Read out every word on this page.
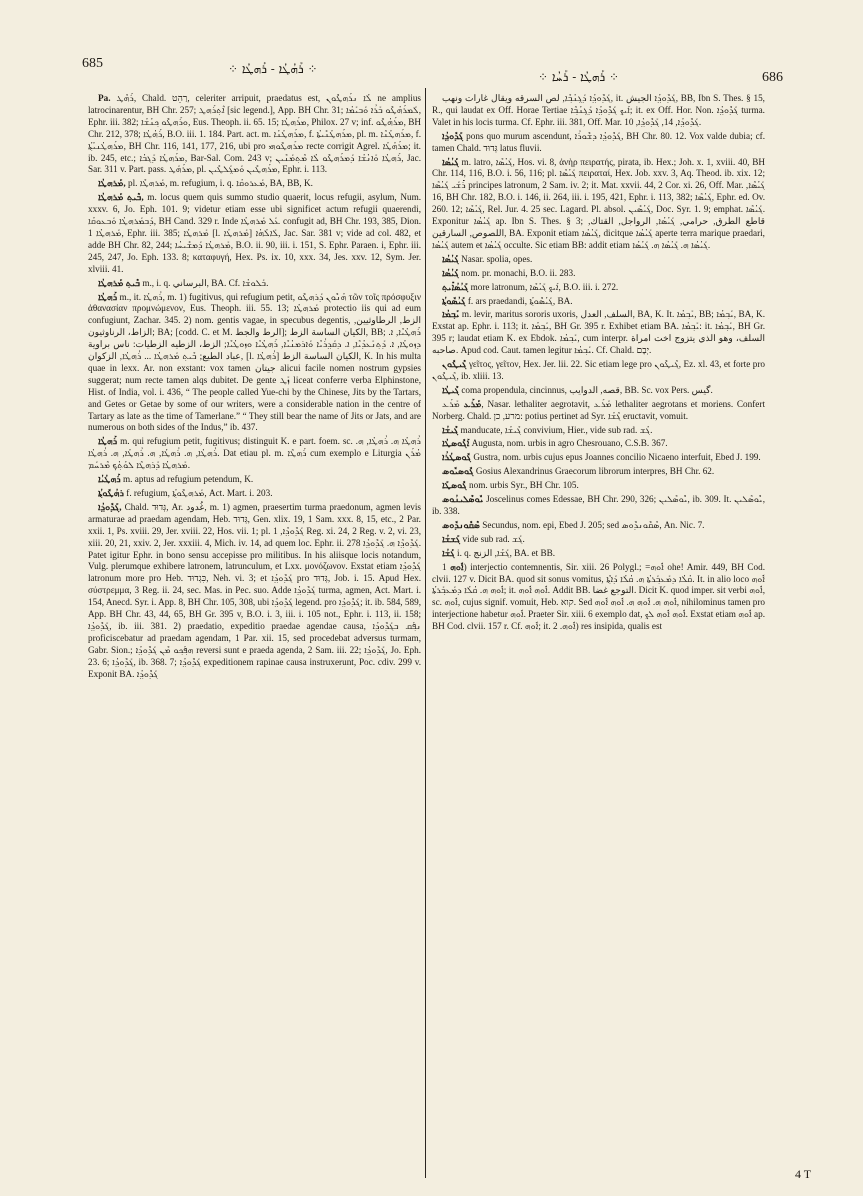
685	⁘ ܪܰܗܳܛܳܐ - ܪܰܗܛܳܐ ⁘
⁘ ܪܰܗܛܳܐ - ܪܰܚܳܐ ⁘	686

Pa. ܪܰܗܶܛ, Chald. רַהֵט, celeriter arripuit, praedatus est, ܠܳܐ ܢܪܰܗܛܽܘܢ ne amplius latrocinarentur, BH Chr. 257; ܐܶܬ݂ܪܰܗܛ [sic legend.], App. BH Chr. 31; ܠܰܡܪܰܗܳܛܽܘ ܒܰܪܳܐ ܘܰܒܝܰܡܳܐ, Ephr. iii. 382; ܘܪܰܗܛܽܘ ܟ݂ܢܳܫܳܐ, Eus. Theoph. ii. 65. 15; ܡܪܰܗܛܳܐ, Philox. 27 v; inf. ܡܪܰܗܳܛܽܘ, BH Chr. 212, 378; ܪܰܗܳܛܳܐ, B.O. iii. 1. 184. Part. act. m. ܡܪܰܗܛܳܢܳܐ, f. ܡܪܰܗܛܳܢܺܝܬܳܐ, pl. m. ܡܪܰܗܛܳܢܶܐ, f. ܡܪܰܗܛܳܢܝܳܬ݂ܳܐ, BH Chr. 116, 141, 177, 216, ubi pro ܡܪܰܗܛܽܘܗܝ recte corrigit Agrel. ܡܪܰܗܳܛܳܐ; it. ib. 245, etc.; ܡܪܰܗܛܳܐ ܕܰܓܒܳܐ, Bar-Sal. Com. 243 v; ܪܰܗܛܳܐ ܘܰܐܢܳܫܳܐ ܕܰܡܪܰܗܛܽܘ ܠܳܐ ܡܶܬ݂ܡܰܢܶܝܢ, Jac. Sar. 311 v. Part. pass. ܡܪܰܗܰܛ, pl. ܡܪܰܗܛܺܝܢ ܘܰܡܓ݂ܰܠܛܺܝܢ, Ephr. i. 113.

ܡܰܪܗܛܳܐ, pl. ܡܰܪܗܛܶܐ, m. refugium, i. q. ܡܰܥܪܘܩܳܐ, BA, BB, K.

ܒܶܝܬ݂ ܡܰܪܗܛܳܐ, m. locus quem quis summo studio quaerit, locus refugii, asylum, Num. xxxv. 6, Jo. Eph. 101. 9; videtur etiam esse ubi significet actum refugii quaerendi, ܕܰܒܡܰܪܗܛܳܐ ܘܰܒܥܘܩܳܐ, BH Cand. 329 r. Inde ܥܰܠ ܡܰܪܗܛܳܐ confugit ad, BH Chr. 193, 385, Dion. ܡܰܪܗܛܳܐ 1, Ephr. iii. 385; ܡܰܪܗܛܳܐ [l. ܡܰܪܗܛܳܐ] ܠܰܐܠܳܗܳܐ, Jac. Sar. 381 v; vide ad col. 482, et adde BH Chr. 82, 244; ܡܰܪܗܛܳܐ ܕܰܡܫܺܝܚܳܐ, B.O. ii. 90, iii. i. 151, S. Ephr. Paraen. i, Ephr. iii. 245, 247, Jo. Eph. 133. 8; καταφυγή, Hex. Ps. ix. 10, xxx. 34, Jes. xxv. 12, Sym. Jer. xlviii. 41.

ܒܶܝܬ݂ ܡܰܪܗܛܳܐ m., i. q. البرساني, BA. Cf. ܒܰܠܘܫܳܐ.

ܪܰܗܛܳܐ m., it. ܪܳܗܛܳܐ, m. 1) fugitivus, qui refugium petit, ܗܳܢܽܘܢ ܕܰܪܗܛܽܘ τῶν τοῖς πρόσφυξιν ἀθανασίαν προμνώμενον, Eus. Theoph. iii. 55. 13; ܡܰܪܗܛܳܐ protectio iis qui ad eum confugiunt, Zachar. 345. 2) nom. gentis vagae, in specubus degentis, الزط, الرطاوثيين, الزاط، الرناوثيون; BA; [codd. C. et M. الرط والجط]; الكيان الساسة الزط, BB; ܪܰܗܛܳܝܶܐ, ܐ. ܕܙܘܛܳܐ, ܐ. ܕܰܬ݂ܢܰܥܕܳܝܶܐ, ܐ. ܕܩܰܕ݂ܪܳܝܶܐ ܘܰܐܪܡܢܳܝܶܐ, ܪܰܗܛܳܝܶܐ ܘܙܘܛܳܝܶܐ; الزط، الزطيه الزطيات: ناس براوية عباد الطيع; ܒܶܝܬ݂ ܡܰܪܗܛܳܐ ... ܪܳܗܛܳܐ, الزكوان, [l. ܪܳܗܛܳܐ] الكيان الساسة الزط, K. In his multa quae in lexx. Ar. non exstant: vox tamen جيتان alicui facile nomen nostrum gypsies suggerat; num recte tamen alqs dubitet. De gente ܙܰܛ liceat conferre verba Elphinstone, Hist. of India, vol. i. 436, “ The people called Yue-chi by the Chinese, Jits by the Tartars, and Getes or Getae by some of our writers, were a considerable nation in the centre of Tartary as late as the time of Tamerlane.” “ They still bear the name of Jits or Jats, and are numerous on both sides of the Indus,” ib. 437.

ܪܰܗܛܳܐ m. qui refugium petit, fugitivus; distinguit K. e part. foem. sc. ܪܳܗܛܳܐ ܗ. ܪܳܗܛܳܐ, ܗ. ܪܳܗܛܳܐ, ܗ. ܪܳܗܛܳܐ, ܗ. ܪܳܗܛܳܐ, ܗ. ܪܳܗܛܳܐ. Dat etiau pl. m. ܪܰܗܛܶܐ cum exemplo e Liturgia ܡܳܪܰܢ ܡܰܪܗܛܳܐ ܕܰܪܗܛܶܐ ܠܘܳܬ݂ܳܟ݂ ܡܶܪܚܰܡ.

ܪܰܗܛܳܝܳܐ m. aptus ad refugium petendum, K.

ܪܗܳܛܽܘܬ݂ܳܐ f. refugium, ܡܰܪܗܛܽܘܬ݂ܳܐ, Act. Mart. i. 203.

ܓܰܕܽܘܕ݂ܳܐ, Chald. גְּדוּד, Ar. غُدود, m. 1) agmen, praesertim turma praedonum, agmen levis armaturae ad praedam agendam, Heb. גְּדוּד, Gen. xlix. 19, 1 Sam. xxx. 8, 15, etc., 2 Par. xxii. 1, Ps. xviii. 29, Jer. xviii. 22, Hos. vii. 1; pl. ܓܰܕܽܘܕ݂ܶܐ, 1 Reg. xi. 24, 2 Reg. v. 2, vi. 23, xiii. 20, 21, xxiv. 2, Jer. xxxiii. 4, Mich. iv. 14, ad quem loc. Ephr. ii. 278 ܓܰܕܽܘܕ݂ܶܐ ܗ. ܓܰܕܽܘܕ݂ܳܐ. Patet igitur Ephr. in bono sensu accepisse pro militibus. In his aliisque locis notandum, Vulg. plerumque exhibere latronem, latrunculum, et Lxx. μονόζωνον. Exstat etiam ܓܰܕܽܘܕ݂ܳܐ latronum more pro Heb. כִּגְדוּד, Neh. vi. 3; et ܓܰܕܽܘܕ݂ܳܐ pro גְּדוּד, Job. i. 15. Apud Hex. σύστρεμμα, 3 Reg. ii. 24, sec. Mas. in Pec. suo. Adde ܓܰܕܽܘܕ݂ܳܐ turma, agmen, Act. Mart. i. 154, Anecd. Syr. i. App. 8, BH Chr. 105, 308, ubi ܓܰܕܽܘܕ݂ܳܐ legend. pro ܓܰܕܽܘܕ݂ܳܐ; it. ib. 584, 589, App. BH Chr. 43, 44, 65, BH Gr. 395 v, B.O. i. 3, iii. i. 105 not., Ephr. i. 113, ii. 158; ܓܰܕܽܘܕ݂ܳܐ, ib. iii. 381. 2) praedatio, expeditio praedae agendae causa, ܢܦ݂ܰܩ ܒܓܰܕܽܘܕ݂ܳܐ proficiscebatur ad praedam agendam, 1 Par. xii. 15, sed procedebat adversus turmam, Gabr. Sion.; ܗܦ݂ܰܟ݂ܘ ܡܶܢ ܓܰܕܽܘܕ݂ܳܐ reversi sunt e praeda agenda, 2 Sam. iii. 22; ܓܰܕܽܘܕ݂ܳܐ, Jo. Eph. 23. 6; ܓܰܕܽܘܕ݂ܳܐ, ib. 368. 7; ܓܰܕܽܘܕ݂ܳܐ expeditionem rapinae causa instruxerunt, Poc. cdiv. 299 v. Exponit BA. ܓܰܕܽܘܕ݂ܳܐ

ܓܰܕܽܘܕ݂ܳܐ ܕܰܓ݂ܢܳܒ݂ܶܐ, لص السرقه ويقال غارات ونهب, it. ܓܰܕܽܘܕ݂ܳܐ الجيش, BB, Ibn S. Thes. § 15, R., qui laudat ex Off. Horae Tertiae ܐܰܝܟ݂ ܓܰܕܽܘܕ݂ܳܐ ܕܰܓ݂ܢܳܒ݂ܶܐ; it. ex Off. Hor. Non. ܓܰܕܽܘܕ݂ܳܐ turma. Valet in his locis turma. Cf. Ephr. iii. 381, Off. Mar. ܓܰܕܽܘܕ݂ܳܐ, 14, ܓܰܕܽܘܕ݂ܳܐ, 10.

ܓܰܕܽܘܕ݂ܳܐ pons quo murum ascendunt, ܓܰܕܽܘܕ݂ܳܐ ܕܫܽܘܪܳܐ, BH Chr. 80. 12. Vox valde dubia; cf. tamen Chald. גְּדוּד latus fluvii.

ܓܰܝܳܣܳܐ m. latro, ܓܰܝܳܣܶܐ, Hos. vi. 8, ἀνὴρ πειρατής, pirata, ib. Hex.; Joh. x. 1, xviii. 40, BH Chr. 114, 116, B.O. i. 56, 116; pl. ܓܰܝܳܣܶܐ πειραταί, Hex. Job. xxv. 3, Aq. Theod. ib. xix. 12; ܪܺܫܰܝ ܓܰܝܳܣܶܐ principes latronum, 2 Sam. iv. 2; it. Mat. xxvii. 44, 2 Cor. xi. 26, Off. Mar. ܓܰܝܳܣܶܐ, 16, BH Chr. 182, B.O. i. 146, ii. 264, iii. i. 195, 421, Ephr. i. 113, 382; ܓܰܝܳܣܶܐ, Ephr. ed. Ov. 260. 12; ܓܰܝܳܣܶܐ, Rel. Jur. 4. 25 sec. Lagard. Pl. absol. ܓܰܝܳܣܺܝܢ, Doc. Syr. 1. 9; emphat. ܓܰܝܳܣܶܐ. Exponitur ܓܰܝܳܣܳܐ ap. Ibn S. Thes. § 3; قاطع الطرق, حرامي, ܓܰܝܳܣܳܐ, الرواجل, القتاك, اللصوص, السارقين, BA. Exponit etiam ܓܰܝܳܣܳܐ, dicitque ܓܰܝܳܣܳܐ aperte terra marique praedari, ܓܰܝܳܣܳܐ autem et ܓܰܝܳܣܳܐ occulte. Sic etiam BB: addit etiam ܓܰܝܳܣܳܐ ܗ. ܓܰܝܳܣܳܐ ܗ. ܓܰܝܳܣܳܐ.

ܓܰܝܳܣܳܐ Nasar. spolia, opes.

ܓܰܝܳܣܳܐ nom. pr. monachi, B.O. ii. 283.

ܓܰܝܳܣܳܐܺܝܬ݂ more latronum, ܐܰܝܟ݂ ܓܰܝܳܣܶܐ, B.O. iii. i. 272.

ܓܰܝܳܣܽܘܬ݂ܳܐ f. ars praedandi, ܓܰܝܳܣܽܘܬ݂ܳܐ, BA.

ܝܰܒ݂ܡܳܐ m. levir, maritus sororis uxoris, السلف, العدل, BA, K. It. ܝܰܒ݂ܡܳܐ, BB; ܝܰܒ݂ܡܳܐ, BA, K. Exstat ap. Ephr. i. 113; it. ܝܰܒ݂ܡܳܐ, BH Gr. 395 r. Exhibet etiam BA. ܝܰܒ݂ܡܳܐ: it. ܝܰܒ݂ܡܳܐ, BH Gr. 395 r; laudat etiam K. ex Ebdok. ܝܰܒ݂ܡܳܐ, cum interpr. السلف، وهو الذي يتزوج اخت امراة صاحبه. Apud cod. Caut. tamen legitur ܝܰܒ݂ܡܳܐ. Cf. Chald. יְבָם.

ܓܶܝܛܽܘܢ γεῖτος, γεῖτον, Hex. Jer. lii. 22. Sic etiam lege pro ܓܶܝܛܽܘܢ, Ez. xl. 43, et forte pro ܓܶܝܛܽܘܢ, ib. xliii. 13.

ܓܶܝܛܳܐ coma propendula, cincinnus, قصه, الدوايب, BB. Sc. vox Pers. گيس.

ܡܰܪܰܥ ܡܰܪܰܥ, Nasar. lethaliter aegrotavit, ܡܰܪܰܥ lethaliter aegrotans et moriens. Confert Norberg. Chald. מרע, כן: potius pertinet ad Syr. ܓܶܫܳܐ eructavit, vomuit.

ܓܶܝܫܳܐ manducate, ܓܶܝܫܳܐ convivium, Hier., vide sub rad. ܓܳܫ.

ܐܰܓܽܘܣܛܳܐ Augusta, nom. urbis in agro Chesrouano, C.S.B. 367.

ܓܽܘܣܛܳܪܳܐ Gustra, nom. urbis cujus epus Joannes concilio Nicaeno interfuit, Ebed J. 199.

ܓܽܘܣܝܽܘܣ Gosius Alexandrinus Graecorum librorum interpres, BH Chr. 62.

ܓܽܘܣܛܰܐ nom. urbis Syr., BH Chr. 105.

ܝܽܘܣܶܠܝܢܳܘܣ Joscelinus comes Edessae, BH Chr. 290, 326; ܝܽܘܣܶܠܝܢ, ib. 309. It. ܝܽܘܣܶܠܝܢ, ib. 338.

ܣܶܩܽܘܢܕܽܘܣ Secundus, nom. epi, Ebed J. 205; sed ܣܶܩܽܘܢܕܽܘܣ, An. Nic. 7.

ܓܰܫܫܳܐ vide sub rad. ܓܰܫ.

ܓܰܫܳܐ i. q. ܓܰܫܳܐ, الزنج, BA. et BB.

ܐܽܘܗ 1) interjectio contemnentis, Sir. xiii. 26 Polygl.; =ܐܽܘܗ ohe! Amir. 449, BH Cod. clvii. 127 v. Dicit BA. quod sit sonus vomitus, ܩܳܠܳܐ ܕܡܰܥܒ݂ܰܪܬܳܐ ܗ. ܩܳܠܳܐ ܕܰܐܬ݂ܶܐ. It. in alio loco ܐܽܘܗ ܐܽܘܗ ܗ. ܩܳܠܳܐ ܕܡܰܥܒ݂ܰܪܬܳܐ; it. ܐܽܘܗ ܐܽܘܗ. Addit BB. التوجع غضا. Dicit K. quod imper. sit verbi ܐܽܘܗ, sc. ܐܽܘܗ, cujus signif. vomuit, Heb. קוא. Sed ܐܽܘܗ ܗ. ܐܽܘܗ ܗ. ܐܽܘܗ ܐܽܘܗ, nihilominus tamen pro interjectione habetur ܐܽܘܗ. Praeter Sir. xiii. 6 exemplo dat, ܐܽܘܗ ܐܽܘܗ ܠܟ݂. Exstat etiam ܐܽܘܗ ap. BH Cod. clvii. 157 r. Cf. ܐܽܘܗ; it. ܐܽܘܗ. 2) res insipida, qualis est

4 T
